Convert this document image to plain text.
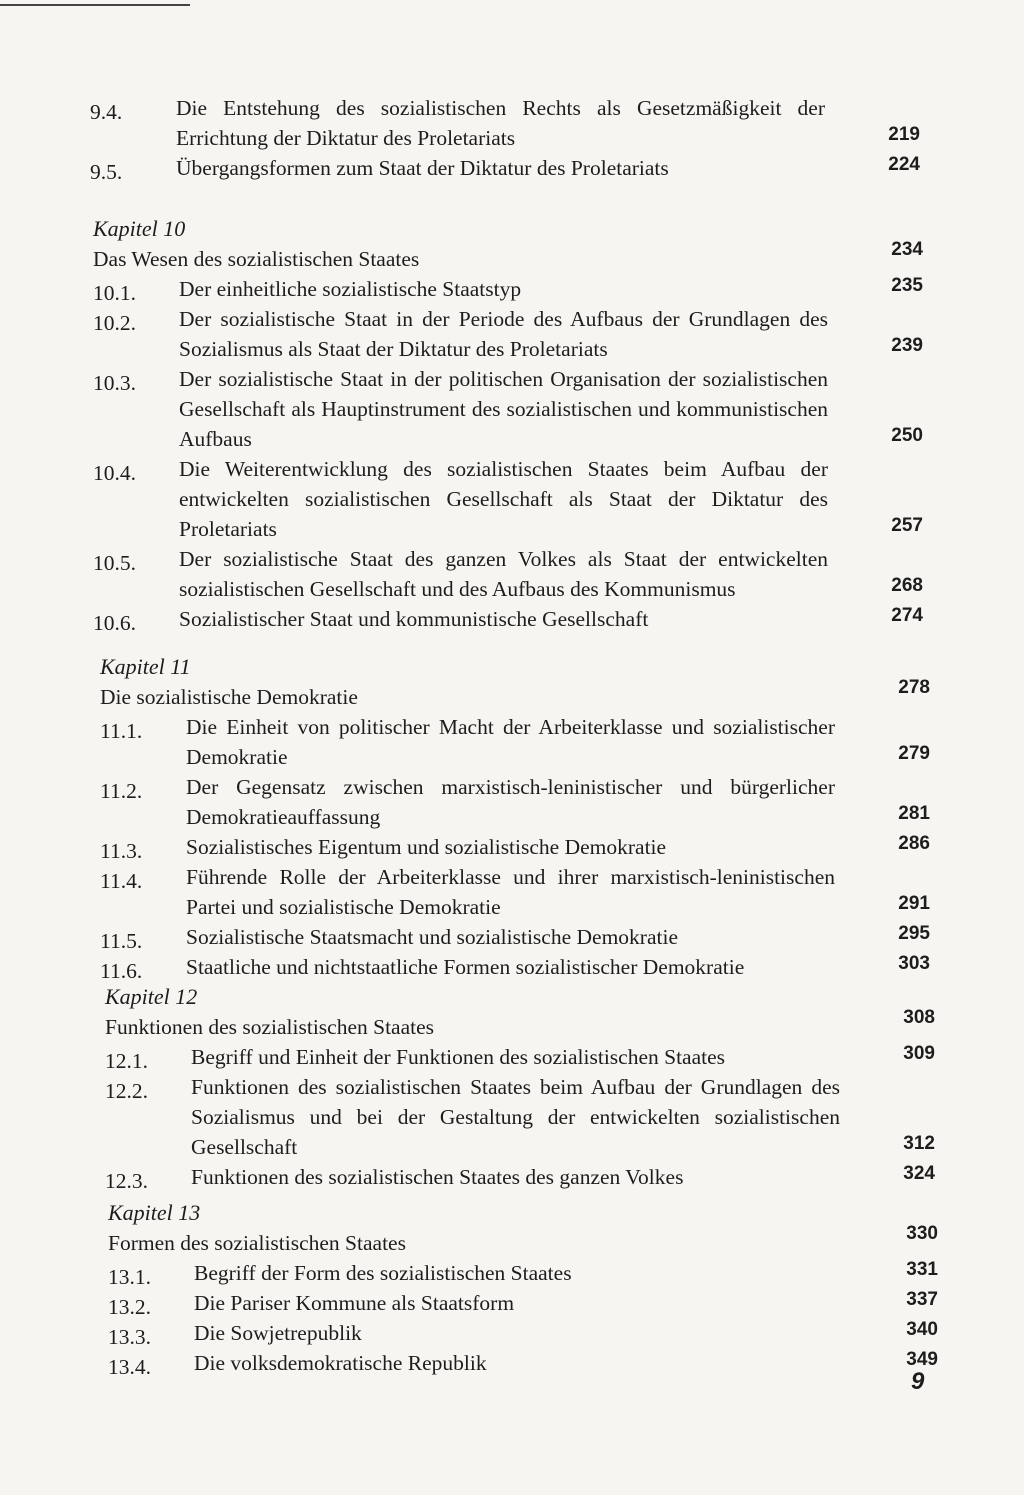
9.4.	Die Entstehung des sozialistischen Rechts als Gesetzmäßigkeit der Errichtung der Diktatur des Proletariats	219
9.5.	Übergangsformen zum Staat der Diktatur des Proletariats	224
Kapitel 10
Das Wesen des sozialistischen Staates	234
10.1.	Der einheitliche sozialistische Staatstyp	235
10.2.	Der sozialistische Staat in der Periode des Aufbaus der Grundlagen des Sozialismus als Staat der Diktatur des Proletariats	239
10.3.	Der sozialistische Staat in der politischen Organisation der sozialistischen Gesellschaft als Hauptinstrument des sozialistischen und kommunistischen Aufbaus	250
10.4.	Die Weiterentwicklung des sozialistischen Staates beim Aufbau der entwickelten sozialistischen Gesellschaft als Staat der Diktatur des Proletariats	257
10.5.	Der sozialistische Staat des ganzen Volkes als Staat der entwickelten sozialistischen Gesellschaft und des Aufbaus des Kommunismus	268
10.6.	Sozialistischer Staat und kommunistische Gesellschaft	274
Kapitel 11
Die sozialistische Demokratie	278
11.1.	Die Einheit von politischer Macht der Arbeiterklasse und sozialistischer Demokratie	279
11.2.	Der Gegensatz zwischen marxistisch-leninistischer und bürgerlicher Demokratieauffassung	281
11.3.	Sozialistisches Eigentum und sozialistische Demokratie	286
11.4.	Führende Rolle der Arbeiterklasse und ihrer marxistisch-leninistischen Partei und sozialistische Demokratie	291
11.5.	Sozialistische Staatsmacht und sozialistische Demokratie	295
11.6.	Staatliche und nichtstaatliche Formen sozialistischer Demokratie	303
Kapitel 12
Funktionen des sozialistischen Staates	308
12.1.	Begriff und Einheit der Funktionen des sozialistischen Staates	309
12.2.	Funktionen des sozialistischen Staates beim Aufbau der Grundlagen des Sozialismus und bei der Gestaltung der entwickelten sozialistischen Gesellschaft	312
12.3.	Funktionen des sozialistischen Staates des ganzen Volkes	324
Kapitel 13
Formen des sozialistischen Staates	330
13.1.	Begriff der Form des sozialistischen Staates	331
13.2.	Die Pariser Kommune als Staatsform	337
13.3.	Die Sowjetrepublik	340
13.4.	Die volksdemokratische Republik	349
9
